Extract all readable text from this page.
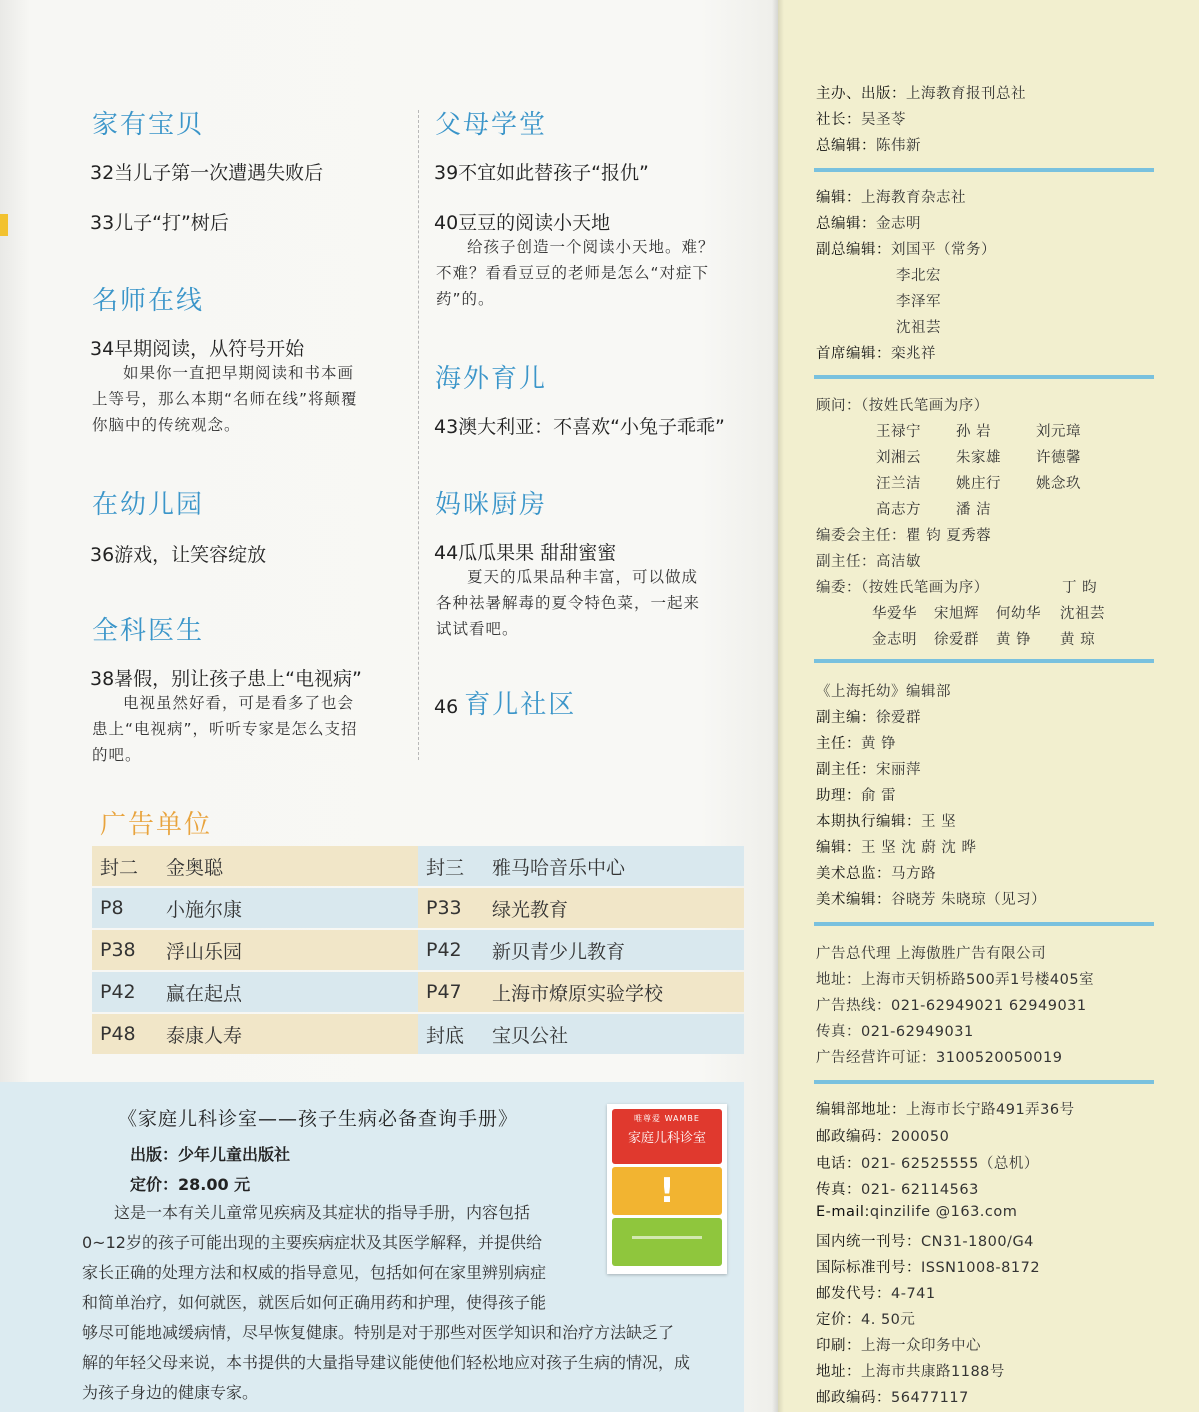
家有宝贝
32当儿子第一次遭遇失败后
33儿子“打”树后
名师在线
34早期阅读，从符号开始
如果你一直把早期阅读和书本画
上等号，那么本期“名师在线”将颠覆
你脑中的传统观念。
在幼儿园
36游戏，让笑容绽放
全科医生
38暑假，别让孩子患上“电视病”
电视虽然好看，可是看多了也会
患上“电视病”，听听专家是怎么支招
的吧。
父母学堂
39不宜如此替孩子“报仇”
40豆豆的阅读小天地
给孩子创造一个阅读小天地。难？
不难？看看豆豆的老师是怎么“对症下
药”的。
海外育儿
43澳大利亚：不喜欢“小兔子乖乖”
妈咪厨房
44瓜瓜果果 甜甜蜜蜜
夏天的瓜果品种丰富，可以做成
各种祛暑解毒的夏令特色菜，一起来
试试看吧。
46 育儿社区
广告单位
封二	金奥聪	封三	雅马哈音乐中心
P8	小施尔康	P33	绿光教育
P38	浮山乐园	P42	新贝青少儿教育
P42	赢在起点	P47	上海市燎原实验学校
P48	泰康人寿	封底	宝贝公社
《家庭儿科诊室——孩子生病必备查询手册》
出版：少年儿童出版社
定价：28.00 元
这是一本有关儿童常见疾病及其症状的指导手册，内容包括
0~12岁的孩子可能出现的主要疾病症状及其医学解释，并提供给
家长正确的处理方法和权威的指导意见，包括如何在家里辨别病症
和简单治疗，如何就医，就医后如何正确用药和护理，使得孩子能
够尽可能地减缓病情，尽早恢复健康。特别是对于那些对医学知识和治疗方法缺乏了
解的年轻父母来说，本书提供的大量指导建议能使他们轻松地应对孩子生病的情况，成
为孩子身边的健康专家。
唯尊爱 WAMBE
家庭儿科诊室
!
主办、出版：上海教育报刊总社
社长：吴圣苓
总编辑：陈伟新
编辑：上海教育杂志社
总编辑：金志明
副总编辑：刘国平（常务）
李北宏
李泽军
沈祖芸
首席编辑：栾兆祥
顾问：（按姓氏笔画为序）
王禄宁 孙 岩	刘元璋
刘湘云 朱家雄 许德馨
汪兰洁 姚庄行 姚念玖
高志方 潘 洁
编委会主任：瞿 钧 夏秀蓉
副主任：高洁敏
编委：（按姓氏笔画为序）	丁 昀
华爱华 宋旭辉 何幼华 沈祖芸
金志明 徐爱群 黄 铮 黄 琼
《上海托幼》编辑部
副主编：徐爱群
主任：黄 铮
副主任：宋丽萍
助理：俞 雷
本期执行编辑：王 坚
编辑：王 坚 沈 蔚 沈 晔
美术总监：马方路
美术编辑：谷晓芳 朱晓琼（见习）
广告总代理 上海傲胜广告有限公司
地址：上海市天钥桥路500弄1号楼405室
广告热线：021-62949021 62949031
传真：021-62949031
广告经营许可证：3100520050019
编辑部地址：上海市长宁路491弄36号
邮政编码：200050
电话：021- 62525555（总机）
传真：021- 62114563
E-mail:qinzilife @163.com
国内统一刊号：CN31-1800/G4
国际标准刊号：ISSN1008-8172
邮发代号：4-741
定价：4. 50元
印刷：上海一众印务中心
地址：上海市共康路1188号
邮政编码：56477117
